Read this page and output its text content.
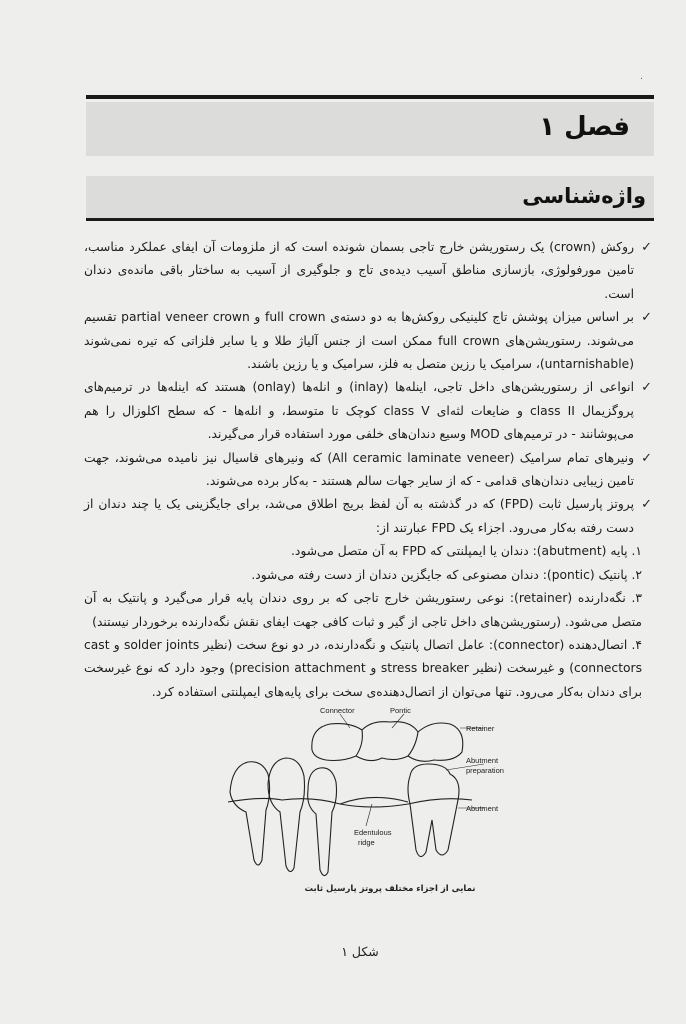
.
فصل ۱
واژه‌شناسی

✓
روکش (crown) یک رستوریشن خارج تاجی بسمان شونده است که از ملزومات آن ایفای عملکرد مناسب، تامین مورفولوژی، بازسازی مناطق آسیب دیده‌ی تاج و جلوگیری از آسیب به ساختار باقی مانده‌ی دندان است.

✓
بر اساس میزان پوشش تاج کلینیکی روکش‌ها به دو دسته‌ی full crown و partial veneer crown تقسیم می‌شوند. رستوریشن‌های full crown ممکن است از جنس آلیاژ طلا و یا سایر فلزاتی که تیره نمی‌شوند (untarnishable)، سرامیک یا رزین متصل به فلز، سرامیک و یا رزین باشند.

✓
انواعی از رستوریشن‌های داخل تاجی، اینله‌ها (inlay) و انله‌ها (onlay) هستند که اینله‌ها در ترمیم‌های پروگزیمال class II و ضایعات لثه‌ای class V کوچک تا متوسط، و انله‌ها - که سطح اکلوزال را هم می‌پوشانند - در ترمیم‌های MOD وسیع دندان‌های خلفی مورد استفاده قرار می‌گیرند.

✓
ونیرهای تمام سرامیک (All ceramic laminate veneer) که ونیرهای فاسیال نیز نامیده می‌شوند، جهت تامین زیبایی دندان‌های قدامی - که از سایر جهات سالم هستند - به‌کار برده می‌شوند.

✓
پروتز پارسیل ثابت (FPD) که در گذشته به آن لفظ بریج اطلاق می‌شد، برای جایگزینی یک یا چند دندان از دست رفته به‌کار می‌رود. اجزاء یک FPD عبارتند از:

۱. پایه (abutment): دندان یا ایمپلنتی که FPD به آن متصل می‌شود.

۲. پانتیک (pontic): دندان مصنوعی که جایگزین دندان از دست رفته می‌شود.

۳. نگه‌دارنده (retainer): نوعی رستوریشن خارج تاجی که بر روی دندان پایه قرار می‌گیرد و پانتیک به آن متصل می‌شود. (رستوریشن‌های داخل تاجی از گیر و ثبات کافی جهت ایفای نقش نگه‌دارنده برخوردار نیستند)

۴. اتصال‌دهنده (connector): عامل اتصال پانتیک و نگه‌دارنده، در دو نوع سخت (نظیر solder joints و cast connectors) و غیرسخت (نظیر stress breaker و precision attachment) وجود دارد که نوع غیرسخت برای دندان به‌کار می‌رود. تنها می‌توان از اتصال‌دهنده‌ی سخت برای پایه‌های ایمپلنتی استفاده کرد.

Connector	Pontic
Retainer
Abutment
preparation
Abutment
Edentulous
ridge
نمایی از اجزاء مختلف پروتز پارسیل ثابت
شکل ۱
